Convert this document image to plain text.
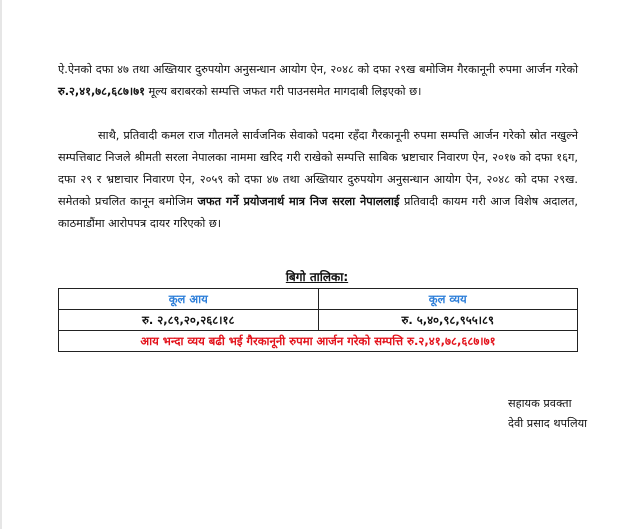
ऐ.ऐनको दफा ४७ तथा अख्तियार दुरुपयोग अनुसन्धान आयोग ऐन, २०४८ को दफा २९ख बमोजिम गैरकानूनी रुपमा आर्जन गरेको रु.२,४१,७८,६८७।७१ मूल्य बराबरको सम्पत्ति जफत गरी पाउनसमेत मागदाबी लिइएको छ।
साथै, प्रतिवादी कमल राज गौतमले सार्वजनिक सेवाको पदमा रहँदा गैरकानूनी रुपमा सम्पत्ति आर्जन गरेको स्रोत नखुल्ने सम्पत्तिबाट निजले श्रीमती सरला नेपालका नाममा खरिद गरी राखेको सम्पत्ति साबिक भ्रष्टाचार निवारण ऐन, २०१७ को दफा १६ग, दफा २९ र भ्रष्टाचार निवारण ऐन, २०५९ को दफा ४७ तथा अख्तियार दुरुपयोग अनुसन्धान आयोग ऐन, २०४८ को दफा २९ख. समेतको प्रचलित कानून बमोजिम जफत गर्ने प्रयोजनार्थ मात्र निज सरला नेपाललाई प्रतिवादी कायम गरी आज विशेष अदालत, काठमाडौंमा आरोपपत्र दायर गरिएको छ।
बिगो तालिका:
कूल आय	कूल व्यय
रु. २,८९,२०,२६८।१८	रु. ५,४०,९८,९५५।८९
आय भन्दा व्यय बढी भई गैरकानूनी रुपमा आर्जन गरेको सम्पत्ति रु.२,४१,७८,६८७।७१	
सहायक प्रवक्ता
देवी प्रसाद थपलिया
